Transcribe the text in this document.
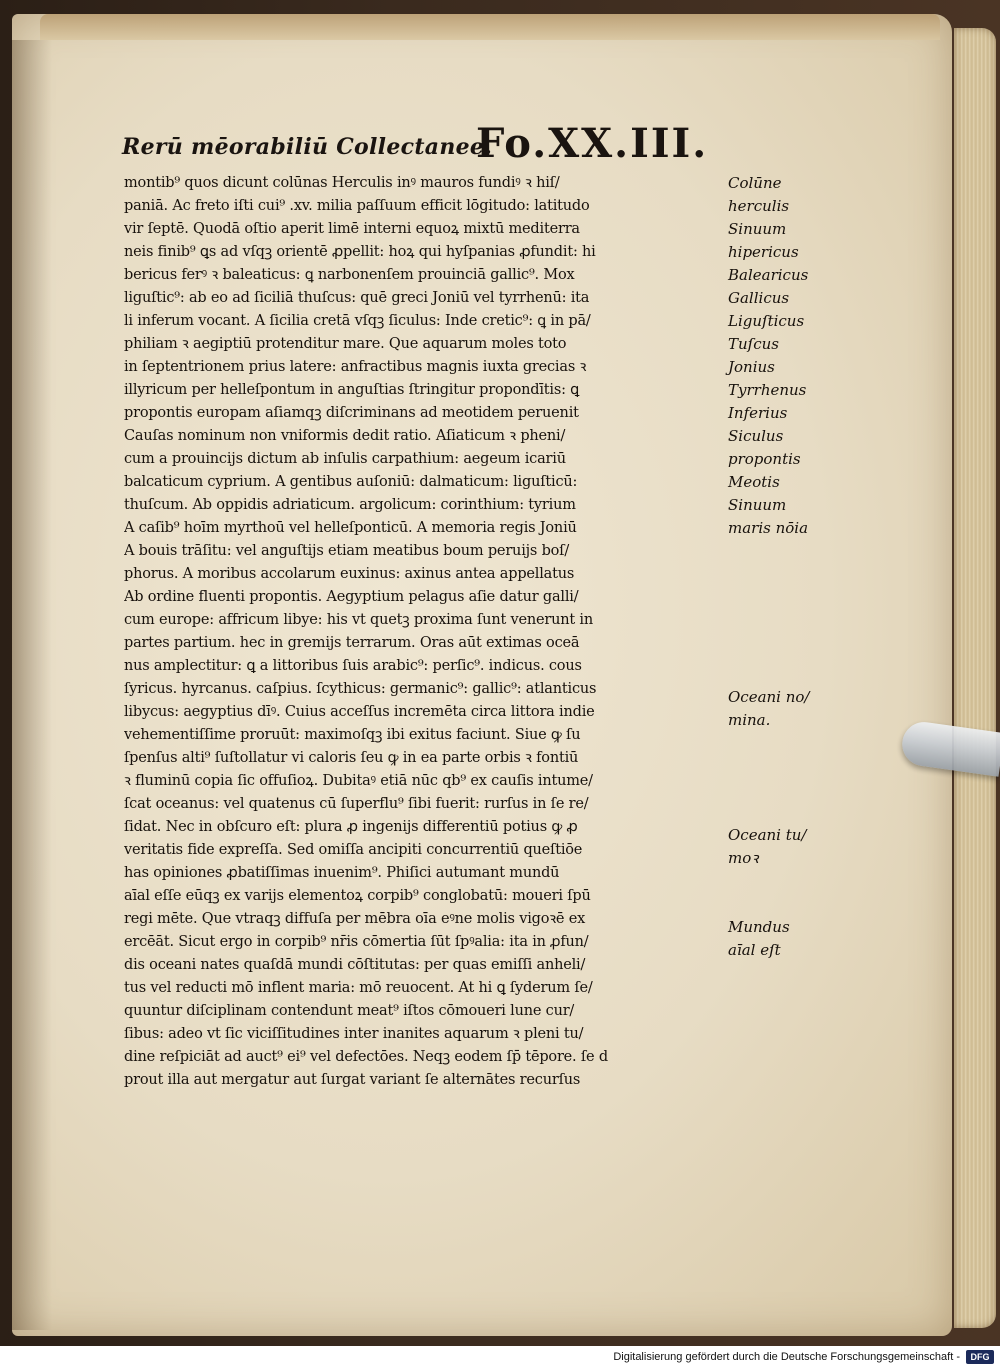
Rerū mēorabiliū Collectanee.
Fo.XX.III.
montib⁹ quos dicunt colūnas Herculis inꝰ mauros fundiꝰ ꝛ hiſ/
paniā. Ac freto iſti cui⁹ .xv. milia paſſuum efficit lōgitudo: latitudo
vir ſeptē. Quodā oſtio aperit limē interni equoꝝ mixtū mediterra
neis finib⁹ ꝗs ad vſqꝫ orientē ꝓpellit: hoꝝ qui hyſpanias ꝓfundit: hi
bericus ferꝰ ꝛ baleaticus: ꝗ narbonenſem prouinciā gallic⁹. Mox
liguſtic⁹: ab eo ad ſiciliā thuſcus: quē greci Joniū vel tyrrhenū: ita
li inferum vocant. A ſicilia cretā vſqꝫ ſiculus: Inde cretic⁹: ꝗ in pā/
philiam ꝛ aegiptiū protenditur mare. Que aquarum moles toto
in ſeptentrionem prius latere: anfractibus magnis iuxta grecias ꝛ
illyricum per helleſpontum in anguſtias ſtringitur propondītis: ꝗ
propontis europam aſiamqꝫ diſcriminans ad meotidem peruenit
Cauſas nominum non vniformis dedit ratio. Aſiaticum ꝛ pheni/
cum a prouincijs dictum ab inſulis carpathium: aegeum icariū
balcaticum cyprium. A gentibus auſoniū: dalmaticum: liguſticū:
thuſcum. Ab oppidis adriaticum. argolicum: corinthium: tyrium
A caſib⁹ hoīm myrthoū vel helleſponticū. A memoria regis Joniū
A bouis trāſitu: vel anguſtijs etiam meatibus boum peruijs boſ/
phorus. A moribus accolarum euxinus: axinus antea appellatus
Ab ordine fluenti propontis. Aegyptium pelagus aſie datur galli/
cum europe: affricum libye: his vt quetꝫ proxima ſunt venerunt in
partes partium. hec in gremijs terrarum. Oras aūt extimas oceā
nus amplectitur: ꝗ a littoribus ſuis arabic⁹: perſic⁹. indicus. cous
ſyricus. hyrcanus. caſpius. ſcythicus: germanic⁹: gallic⁹: atlanticus
libycus: aegyptius dīꝰ. Cuius acceſſus incremēta circa littora indie
vehementiſſime proruūt: maximoſqꝫ ibi exitus faciunt. Siue ꝙ ſu
ſpenſus alti⁹ ſuſtollatur vi caloris ſeu ꝙ in ea parte orbis ꝛ fontiū
ꝛ fluminū copia ſic offuſioꝝ. Dubitaꝰ etiā nūc qb⁹ ex cauſis intume/
ſcat oceanus: vel quatenus cū ſuperflu⁹ ſibi fuerit: rurſus in ſe re/
ſidat. Nec in obſcuro eſt: plura ꝓ ingenijs differentiū potius ꝙ ꝓ
veritatis fide expreſſa. Sed omiſſa ancipiti concurrentiū queſtiōe
has opiniones ꝓbatiſſimas inuenim⁹. Phiſici autumant mundū
aīal eſſe eūqꝫ ex varijs elementoꝝ corpib⁹ conglobatū: moueri ſpū
regi mēte. Que vtraqꝫ diffuſa per mēbra oīa eꝰne molis vigoꝛē ex
ercēāt. Sicut ergo in corpib⁹ nr̄is cōmertia ſūt ſpꝰalia: ita in ꝓfun/
dis oceani nates quaſdā mundi cōſtitutas: per quas emiſſi anheli/
tus vel reducti mō inflent maria: mō reuocent. At hi ꝗ ſyderum ſe/
quuntur diſciplinam contendunt meat⁹ iſtos cōmoueri lune cur/
ſibus: adeo vt ſic viciſſitudines inter inanites aquarum ꝛ pleni tu/
dine reſpiciāt ad auct⁹ ei⁹ vel defectōes. Neqꝫ eodem ſp̄ tēpore. ſe d
prout illa aut mergatur aut ſurgat variant ſe alternātes recurſus
Colūne
herculis
Sinuum
hipericus
Balearicus
Gallicus
Liguſticus
Tuſcus
Jonius
Tyrrhenus
Inferius
Siculus
propontis
Meotis
Sinuum
maris nōia
Oceani no/
mina.
Oceani tu/
moꝛ
Mundus
aīal eſt
Digitalisierung gefördert durch die Deutsche Forschungsgemeinschaft -	DFG
